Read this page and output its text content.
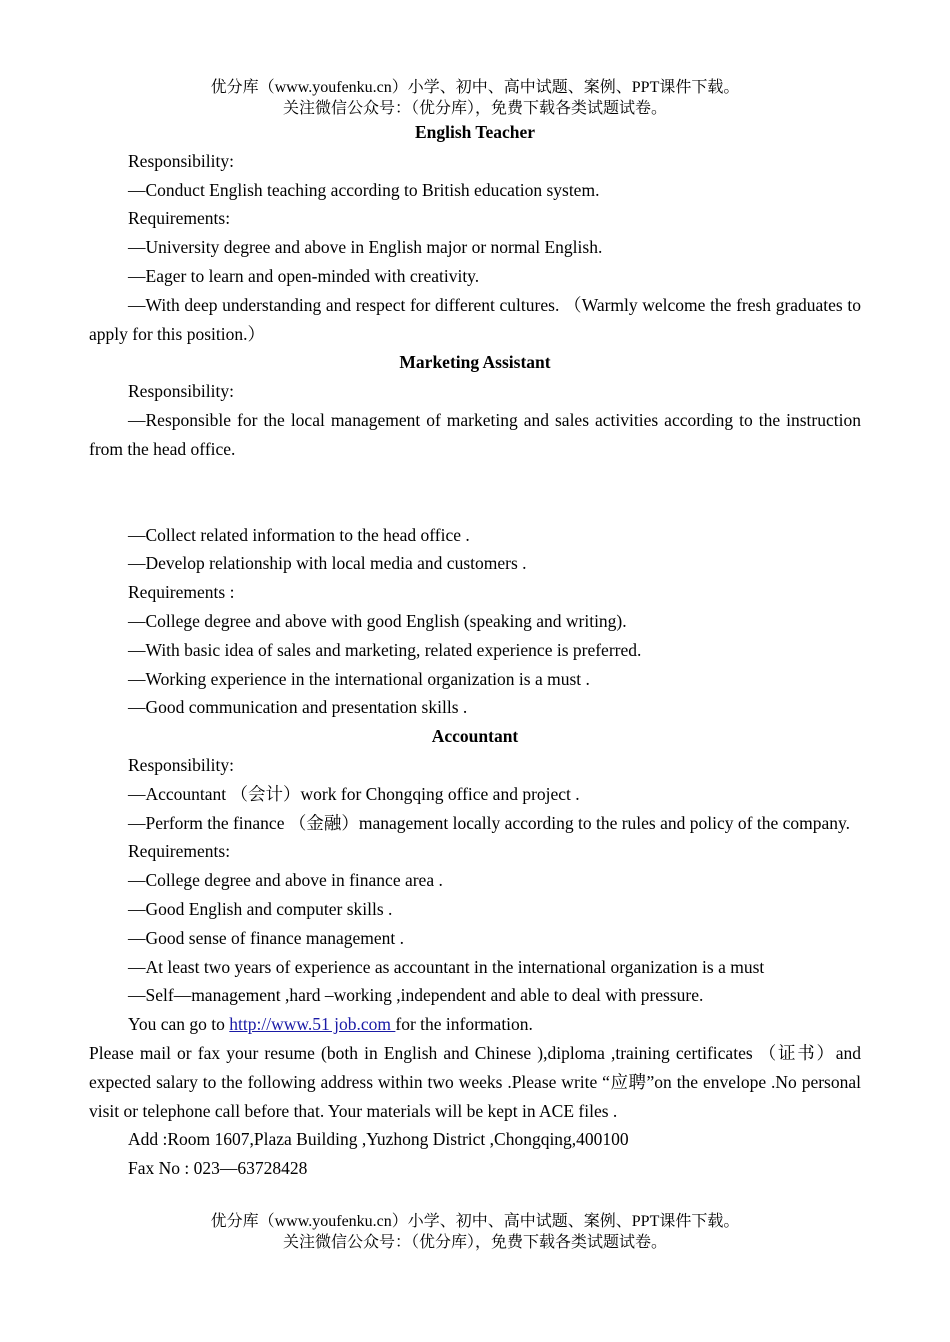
优分库（www.youfenku.cn）小学、初中、高中试题、案例、PPT课件下载。
关注微信公众号：（优分库），免费下载各类试题试卷。

English Teacher

Responsibility:

—Conduct English teaching according to British education system.

Requirements:

—University degree and above in English major or normal English.

—Eager to learn and open-minded with creativity.

—With deep understanding and respect for different cultures. （Warmly welcome the fresh graduates to apply for this position.）

Marketing Assistant

Responsibility:

—Responsible for the local management of marketing and sales activities according to the instruction from the head office.

—Collect related information to the head office .

—Develop relationship with local media and customers .

Requirements :

—College degree and above with good English (speaking and writing).

—With basic idea of sales and marketing, related experience is preferred.

—Working experience in the international organization is a must .

—Good communication and presentation skills .

Accountant

Responsibility:

—Accountant （会计）work for Chongqing office and project .

—Perform the finance （金融）management locally according to the rules and policy of the company.

Requirements:

—College degree and above in finance area .

—Good English and computer skills .

—Good sense of finance management .

—At least two years of experience as accountant in the international organization is a must

—Self—management ,hard –working ,independent and able to deal with pressure.

You can go to http://www.51 job.com for the information.

Please mail or fax your resume (both in English and Chinese ),diploma ,training certificates （证书）and expected salary to the following address within two weeks .Please write “应聘”on the envelope .No personal visit or telephone call before that. Your materials will be kept in ACE files .

Add :Room 1607,Plaza Building ,Yuzhong District ,Chongqing,400100

Fax No : 023—63728428

优分库（www.youfenku.cn）小学、初中、高中试题、案例、PPT课件下载。
关注微信公众号：（优分库），免费下载各类试题试卷。
